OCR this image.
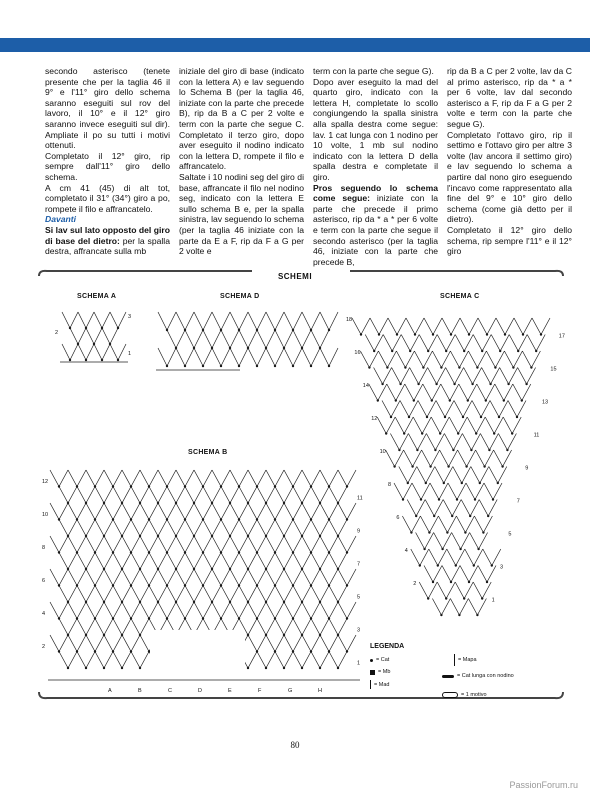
secondo asterisco (tenete presente che per la taglia 46 il 9° e l'11° giro dello schema saranno eseguiti sul rov del lavoro, il 10° e il 12° giro saranno invece eseguiti sul dir). Ampliate il po su tutti i motivi ottenuti.

Completato il 12° giro, rip sempre dall'11° giro dello schema.

A cm 41 (45) di alt tot, completato il 31° (34°) giro a po, rompete il filo e affrancatelo.

Davanti

Si lav sul lato opposto del giro di base del dietro: per la spalla destra, affrancate sulla mb

iniziale del giro di base (indicato con la lettera A) e lav seguendo lo Schema B (per la taglia 46, iniziate con la parte che precede B), rip da B a C per 2 volte e term con la parte che segue C. Completato il terzo giro, dopo aver eseguito il nodino indicato con la lettera D, rompete il filo e affrancatelo.

Saltate i 10 nodini seg del giro di base, affrancate il filo nel nodino seg, indicato con la lettera E sullo schema B e, per la spalla sinistra, lav seguendo lo schema (per la taglia 46 iniziate con la parte da E a F, rip da F a G per 2 volte e

term con la parte che segue G).

Dopo aver eseguito la mad del quarto giro, indicato con la lettera H, completate lo scollo congiungendo la spalla sinistra alla spalla destra come segue: lav. 1 cat lunga con 1 nodino per 10 volte, 1 mb sul nodino indicato con la lettera D della spalla destra e completate il giro.

Pros seguendo lo schema come segue: iniziate con la parte che precede il primo asterisco, rip da * a * per 6 volte e term con la parte che segue il secondo asterisco (per la taglia 46, iniziate con la parte che precede B,

rip da B a C per 2 volte, lav da C al primo asterisco, rip da * a * per 6 volte, lav dal secondo asterisco a F, rip da F a G per 2 volte e term con la parte che segue G).

Completato l'ottavo giro, rip il settimo e l'ottavo giro per altre 3 volte (lav ancora il settimo giro) e lav seguendo lo schema a partire dal nono giro eseguendo l'incavo come rappresentato alla fine del 9° e 10° giro dello schema (come già detto per il dietro).

Completato il 12° giro dello schema, rip sempre l'11° e il 12° giro

SCHEMI
SCHEMA A	SCHEMA D	SCHEMA C
SCHEMA B
3
2
1
12
11
10
9
8
7
6
5
4
3
2
1
18
17
16
15
14
13
12
11
10
9
8
7
6
5
4
3
2
1
A	B	C	D	E	F	G	H
LEGENDA
= Cat
= Mb
= Mad
= Mapa
= Cat lunga con nodino
= 1 motivo
80
PassionForum.ru
